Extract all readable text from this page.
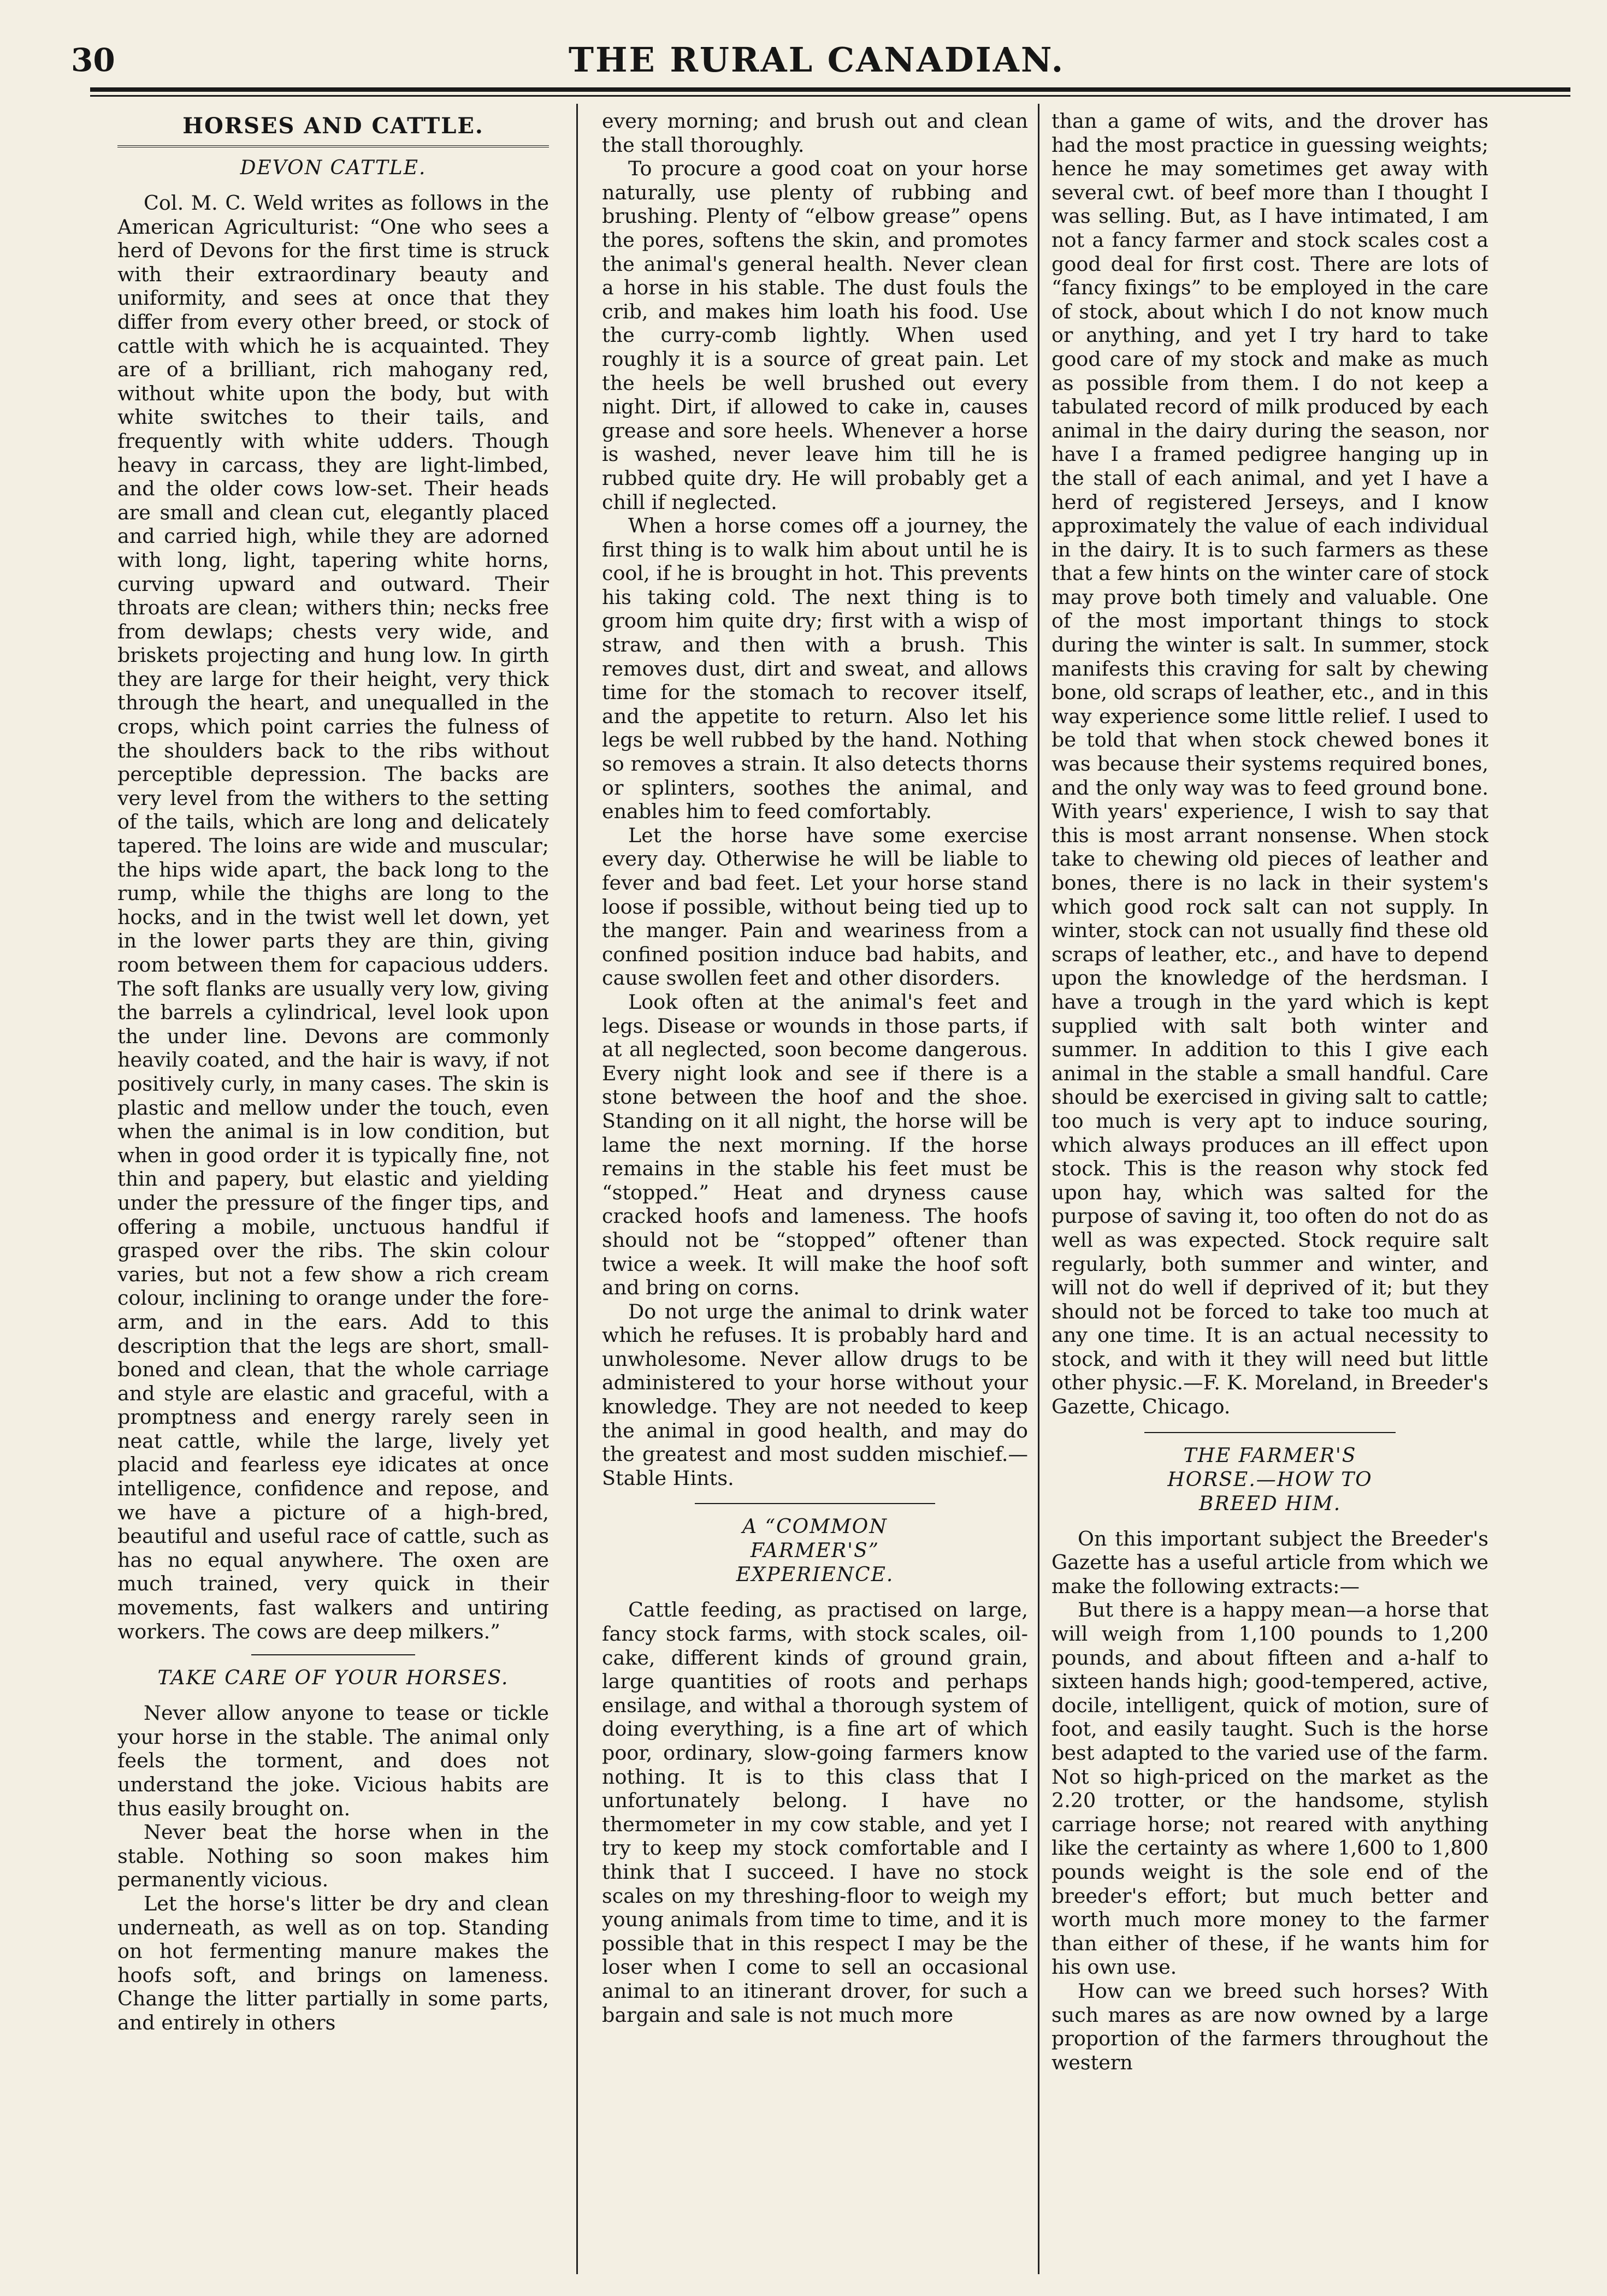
30	THE RURAL CANADIAN.
HORSES AND CATTLE.
DEVON CATTLE.

Col. M. C. Weld writes as follows in the American Agriculturist: “One who sees a herd of Devons for the first time is struck with their extraordinary beauty and uniformity, and sees at once that they differ from every other breed, or stock of cattle with which he is acquainted. They are of a brilliant, rich mahogany red, without white upon the body, but with white switches to their tails, and frequently with white udders. Though heavy in carcass, they are light-limbed, and the older cows low-set. Their heads are small and clean cut, elegantly placed and carried high, while they are adorned with long, light, tapering white horns, curving upward and outward. Their throats are clean; withers thin; necks free from dewlaps; chests very wide, and briskets projecting and hung low. In girth they are large for their height, very thick through the heart, and unequalled in the crops, which point carries the fulness of the shoulders back to the ribs without perceptible depression. The backs are very level from the withers to the setting of the tails, which are long and delicately tapered. The loins are wide and muscular; the hips wide apart, the back long to the rump, while the thighs are long to the hocks, and in the twist well let down, yet in the lower parts they are thin, giving room between them for capacious udders. The soft flanks are usually very low, giving the barrels a cylindrical, level look upon the under line. Devons are commonly heavily coated, and the hair is wavy, if not positively curly, in many cases. The skin is plastic and mellow under the touch, even when the animal is in low condition, but when in good order it is typically fine, not thin and papery, but elastic and yielding under the pressure of the finger tips, and offering a mobile, unctuous handful if grasped over the ribs. The skin colour varies, but not a few show a rich cream colour, inclining to orange under the fore-arm, and in the ears. Add to this description that the legs are short, small-boned and clean, that the whole carriage and style are elastic and graceful, with a promptness and energy rarely seen in neat cattle, while the large, lively yet placid and fearless eye idicates at once intelligence, confidence and repose, and we have a picture of a high-bred, beautiful and useful race of cattle, such as has no equal anywhere. The oxen are much trained, very quick in their movements, fast walkers and untiring workers. The cows are deep milkers.”

TAKE CARE OF YOUR HORSES.

Never allow anyone to tease or tickle your horse in the stable. The animal only feels the torment, and does not understand the joke. Vicious habits are thus easily brought on.

Never beat the horse when in the stable. Nothing so soon makes him permanently vicious.

Let the horse's litter be dry and clean underneath, as well as on top. Standing on hot fermenting manure makes the hoofs soft, and brings on lameness. Change the litter partially in some parts, and entirely in others

every morning; and brush out and clean the stall thoroughly.

To procure a good coat on your horse naturally, use plenty of rubbing and brushing. Plenty of “elbow grease” opens the pores, softens the skin, and promotes the animal's general health. Never clean a horse in his stable. The dust fouls the crib, and makes him loath his food. Use the curry-comb lightly. When used roughly it is a source of great pain. Let the heels be well brushed out every night. Dirt, if allowed to cake in, causes grease and sore heels. Whenever a horse is washed, never leave him till he is rubbed quite dry. He will probably get a chill if neglected.

When a horse comes off a journey, the first thing is to walk him about until he is cool, if he is brought in hot. This prevents his taking cold. The next thing is to groom him quite dry; first with a wisp of straw, and then with a brush. This removes dust, dirt and sweat, and allows time for the stomach to recover itself, and the appetite to return. Also let his legs be well rubbed by the hand. Nothing so removes a strain. It also detects thorns or splinters, soothes the animal, and enables him to feed comfortably.

Let the horse have some exercise every day. Otherwise he will be liable to fever and bad feet. Let your horse stand loose if possible, without being tied up to the manger. Pain and weariness from a confined position induce bad habits, and cause swollen feet and other disorders.

Look often at the animal's feet and legs. Disease or wounds in those parts, if at all neglected, soon become dangerous. Every night look and see if there is a stone between the hoof and the shoe. Standing on it all night, the horse will be lame the next morning. If the horse remains in the stable his feet must be “stopped.” Heat and dryness cause cracked hoofs and lameness. The hoofs should not be “stopped” oftener than twice a week. It will make the hoof soft and bring on corns.

Do not urge the animal to drink water which he refuses. It is probably hard and unwholesome. Never allow drugs to be administered to your horse without your knowledge. They are not needed to keep the animal in good health, and may do the greatest and most sudden mischief.—Stable Hints.

A “COMMON FARMER'S” EXPERIENCE.

Cattle feeding, as practised on large, fancy stock farms, with stock scales, oil-cake, different kinds of ground grain, large quantities of roots and perhaps ensilage, and withal a thorough system of doing everything, is a fine art of which poor, ordinary, slow-going farmers know nothing. It is to this class that I unfortunately belong. I have no thermometer in my cow stable, and yet I try to keep my stock comfortable and I think that I succeed. I have no stock scales on my threshing-floor to weigh my young animals from time to time, and it is possible that in this respect I may be the loser when I come to sell an occasional animal to an itinerant drover, for such a bargain and sale is not much more

than a game of wits, and the drover has had the most practice in guessing weights; hence he may sometimes get away with several cwt. of beef more than I thought I was selling. But, as I have intimated, I am not a fancy farmer and stock scales cost a good deal for first cost. There are lots of “fancy fixings” to be employed in the care of stock, about which I do not know much or anything, and yet I try hard to take good care of my stock and make as much as possible from them. I do not keep a tabulated record of milk produced by each animal in the dairy during the season, nor have I a framed pedigree hanging up in the stall of each animal, and yet I have a herd of registered Jerseys, and I know approximately the value of each individual in the dairy. It is to such farmers as these that a few hints on the winter care of stock may prove both timely and valuable. One of the most important things to stock during the winter is salt. In summer, stock manifests this craving for salt by chewing bone, old scraps of leather, etc., and in this way experience some little relief. I used to be told that when stock chewed bones it was because their systems required bones, and the only way was to feed ground bone. With years' experience, I wish to say that this is most arrant nonsense. When stock take to chewing old pieces of leather and bones, there is no lack in their system's which good rock salt can not supply. In winter, stock can not usually find these old scraps of leather, etc., and have to depend upon the knowledge of the herdsman. I have a trough in the yard which is kept supplied with salt both winter and summer. In addition to this I give each animal in the stable a small handful. Care should be exercised in giving salt to cattle; too much is very apt to induce souring, which always produces an ill effect upon stock. This is the reason why stock fed upon hay, which was salted for the purpose of saving it, too often do not do as well as was expected. Stock require salt regularly, both summer and winter, and will not do well if deprived of it; but they should not be forced to take too much at any one time. It is an actual necessity to stock, and with it they will need but little other physic.—F. K. Moreland, in Breeder's Gazette, Chicago.

THE FARMER'S HORSE.—HOW TO BREED HIM.

On this important subject the Breeder's Gazette has a useful article from which we make the following extracts:—

But there is a happy mean—a horse that will weigh from 1,100 pounds to 1,200 pounds, and about fifteen and a-half to sixteen hands high; good-tempered, active, docile, intelligent, quick of motion, sure of foot, and easily taught. Such is the horse best adapted to the varied use of the farm. Not so high-priced on the market as the 2.20 trotter, or the handsome, stylish carriage horse; not reared with anything like the certainty as where 1,600 to 1,800 pounds weight is the sole end of the breeder's effort; but much better and worth much more money to the farmer than either of these, if he wants him for his own use.

How can we breed such horses? With such mares as are now owned by a large proportion of the farmers throughout the western
